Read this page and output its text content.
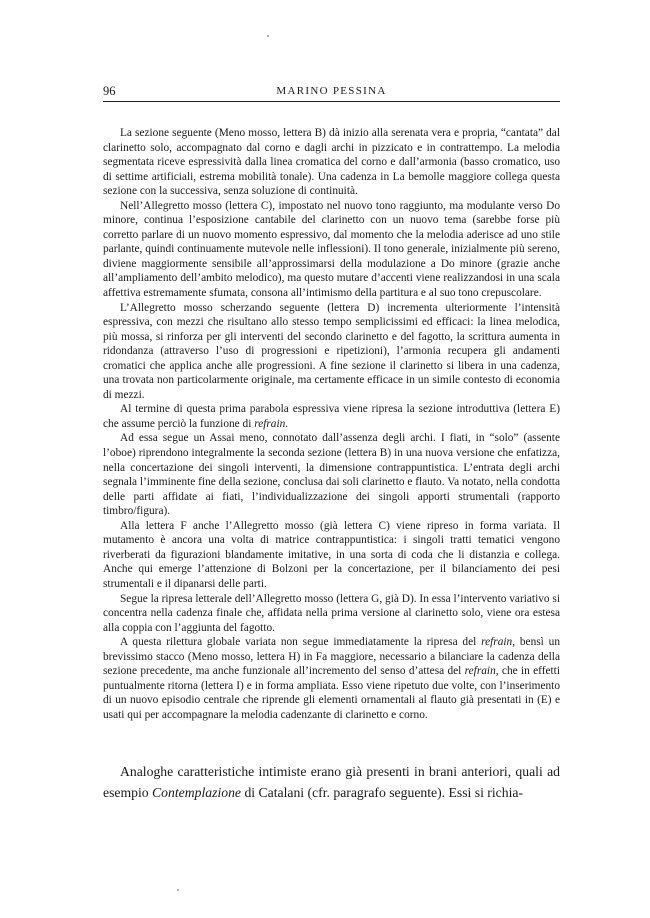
96	MARINO PESSINA

La sezione seguente (Meno mosso, lettera B) dà inizio alla serenata vera e propria, “cantata” dal clarinetto solo, accompagnato dal corno e dagli archi in pizzicato e in contrattempo. La melodia segmentata riceve espressività dalla linea cromatica del corno e dall’armonia (basso cromatico, uso di settime artificiali, estrema mobilità tonale). Una cadenza in La bemolle maggiore collega questa sezione con la successiva, senza soluzione di continuità.

Nell’Allegretto mosso (lettera C), impostato nel nuovo tono raggiunto, ma modulante verso Do minore, continua l’esposizione cantabile del clarinetto con un nuovo tema (sarebbe forse più corretto parlare di un nuovo momento espressivo, dal momento che la melodia aderisce ad uno stile parlante, quindi continuamente mutevole nelle inflessioni). Il tono generale, inizialmente più sereno, diviene maggiormente sensibile all’approssimarsi della modulazione a Do minore (grazie anche all’ampliamento dell’ambito melodico), ma questo mutare d’accenti viene realizzandosi in una scala affettiva estremamente sfumata, consona all’intimismo della partitura e al suo tono crepuscolare.

L’Allegretto mosso scherzando seguente (lettera D) incrementa ulteriormente l’intensità espressiva, con mezzi che risultano allo stesso tempo semplicissimi ed efficaci: la linea melodica, più mossa, si rinforza per gli interventi del secondo clarinetto e del fagotto, la scrittura aumenta in ridondanza (attraverso l’uso di progressioni e ripetizioni), l’armonia recupera gli andamenti cromatici che applica anche alle progressioni. A fine sezione il clarinetto si libera in una cadenza, una trovata non particolarmente originale, ma certamente efficace in un simile contesto di economia di mezzi.

Al termine di questa prima parabola espressiva viene ripresa la sezione introduttiva (lettera E) che assume perciò la funzione di refrain.

Ad essa segue un Assai meno, connotato dall’assenza degli archi. I fiati, in “solo” (assente l’oboe) riprendono integralmente la seconda sezione (lettera B) in una nuova versione che enfatizza, nella concertazione dei singoli interventi, la dimensione contrappuntistica. L’entrata degli archi segnala l’imminente fine della sezione, conclusa dai soli clarinetto e flauto. Va notato, nella condotta delle parti affidate ai fiati, l’individualizzazione dei singoli apporti strumentali (rapporto timbro/figura).

Alla lettera F anche l’Allegretto mosso (già lettera C) viene ripreso in forma variata. Il mutamento è ancora una volta di matrice contrappuntistica: i singoli tratti tematici vengono riverberati da figurazioni blandamente imitative, in una sorta di coda che li distanzia e collega. Anche qui emerge l’attenzione di Bolzoni per la concertazione, per il bilanciamento dei pesi strumentali e il dipanarsi delle parti.

Segue la ripresa letterale dell’Allegretto mosso (lettera G, già D). In essa l’intervento variativo si concentra nella cadenza finale che, affidata nella prima versione al clarinetto solo, viene ora estesa alla coppia con l’aggiunta del fagotto.

A questa rilettura globale variata non segue immediatamente la ripresa del refrain, bensì un brevissimo stacco (Meno mosso, lettera H) in Fa maggiore, necessario a bilanciare la cadenza della sezione precedente, ma anche funzionale all’incremento del senso d’attesa del refrain, che in effetti puntualmente ritorna (lettera I) e in forma ampliata. Esso viene ripetuto due volte, con l’inserimento di un nuovo episodio centrale che riprende gli elementi ornamentali al flauto già presentati in (E) e usati qui per accompagnare la melodia cadenzante di clarinetto e corno.

Analoghe caratteristiche intimiste erano già presenti in brani anteriori, quali ad esempio Contemplazione di Catalani (cfr. paragrafo seguente). Essi si richia-
